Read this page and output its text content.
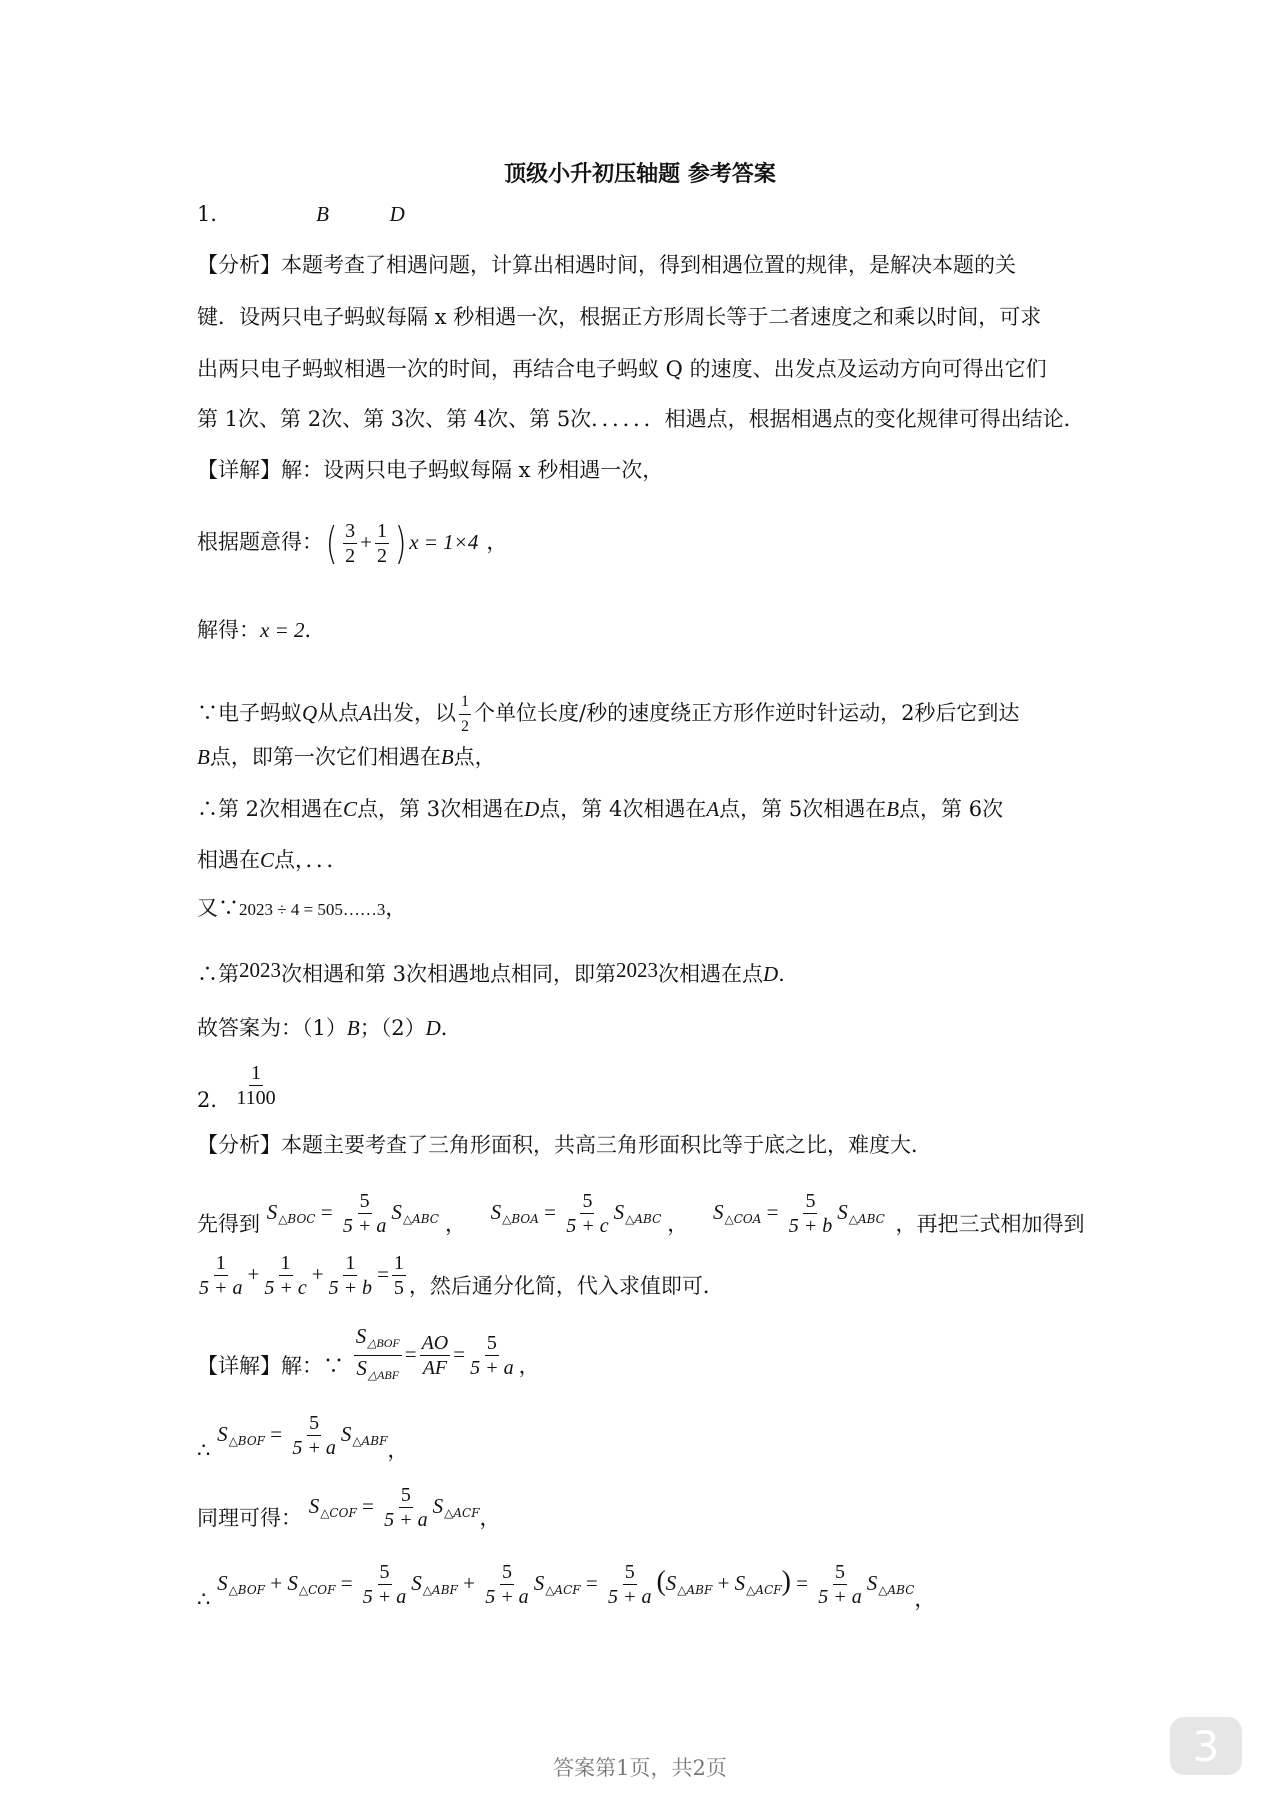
顶级小升初压轴题 参考答案
1．	B	D
【分析】本题考查了相遇问题，计算出相遇时间，得到相遇位置的规律，是解决本题的关
键．设两只电子蚂蚁每隔 x 秒相遇一次，根据正方形周长等于二者速度之和乘以时间，可求
出两只电子蚂蚁相遇一次的时间，再结合电子蚂蚁 Q 的速度、出发点及运动方向可得出它们
第 1次、第 2次、第 3次、第 4次、第 5次．．．．．．相遇点，根据相遇点的变化规律可得出结论．
【详解】解：设两只电子蚂蚁每隔 x 秒相遇一次，
根据题意得：( $\frac{3}{2} + \frac{1}{2}$ ) x = 1×4 ，
解得：x = 2．
∵电子蚂蚁Q从点A出发，以 $\frac{1}{2}$ 个单位长度/秒的速度绕正方形作逆时针运动，2秒后它到达
B点，即第一次它们相遇在B点，
∴第 2次相遇在C点，第 3次相遇在D点，第 4次相遇在A点，第 5次相遇在B点，第 6次
相遇在C点，．．．
又∵2023 ÷ 4 = 505……3，
∴第2023次相遇和第 3次相遇地点相同，即第2023次相遇在点D．
故答案为：（1）B；（2）D．
2． $\frac{1}{1100}$
【分析】本题主要考查了三角形面积，共高三角形面积比等于底之比，难度大．
先得到 $S_{\triangle BOC} = \frac{5}{5 + a} S_{\triangle ABC}$ ， $S_{\triangle BOA} = \frac{5}{5 + c} S_{\triangle ABC}$ ， $S_{\triangle COA} = \frac{5}{5 + b} S_{\triangle ABC}$ ，再把三式相加得到
$\frac{1}{5 + a} + \frac{1}{5 + c} + \frac{1}{5 + b} = \frac{1}{5}$ ，然后通分化简，代入求值即可．
【详解】解：∵ $\frac{S_{\triangle BOF}}{S_{\triangle ABF}} = \frac{AO}{AF} = \frac{5}{5 + a}$ ，
∴ $S_{\triangle BOF} = \frac{5}{5 + a} S_{\triangle ABF}$，
同理可得： $S_{\triangle COF} = \frac{5}{5 + a} S_{\triangle ACF}$，
∴ $S_{\triangle BOF} + S_{\triangle COF} = \frac{5}{5 + a} S_{\triangle ABF} + \frac{5}{5 + a} S_{\triangle ACF} = \frac{5}{5 + a} (S_{\triangle ABF} + S_{\triangle ACF}) = \frac{5}{5 + a} S_{\triangle ABC}$，
答案第1页，共2页	3
